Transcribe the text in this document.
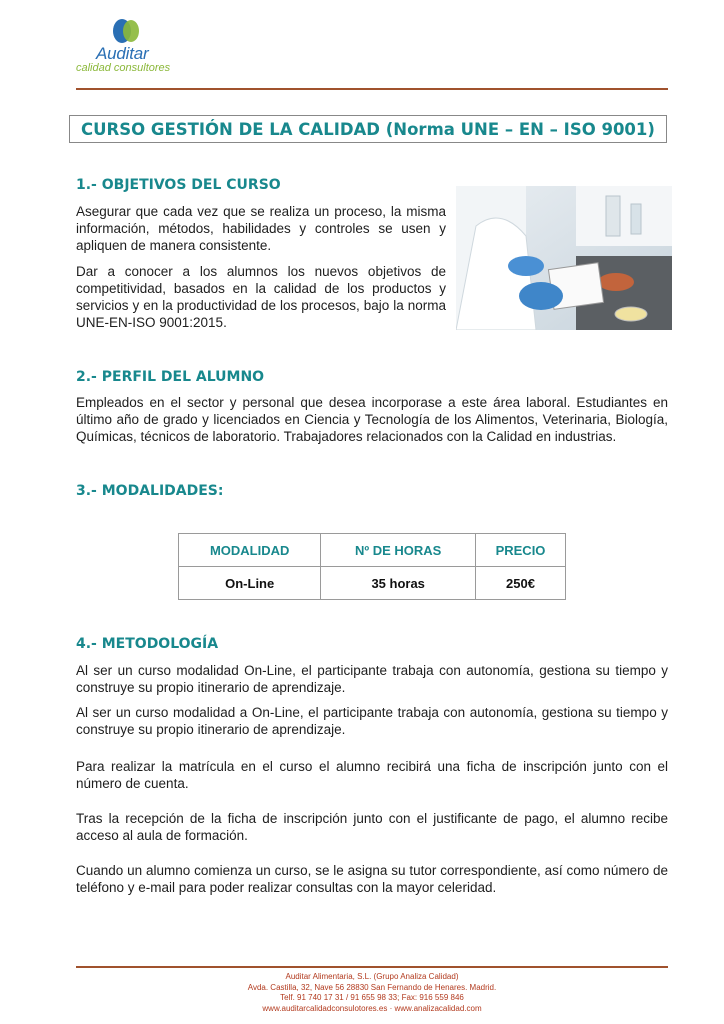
Auditar
calidad consultores
CURSO GESTIÓN DE LA CALIDAD (Norma UNE – EN – ISO 9001)
1.- OBJETIVOS DEL CURSO
Asegurar que cada vez que se realiza un proceso, la misma información, métodos, habilidades y controles se usen y apliquen de manera consistente.
Dar a conocer a los alumnos los nuevos objetivos de competitividad, basados en la calidad de los productos y servicios y en la productividad de los procesos, bajo la norma UNE-EN-ISO 9001:2015.
2.- PERFIL DEL ALUMNO
Empleados en el sector y personal que desea incorporase a este área laboral. Estudiantes en último año de grado y licenciados en Ciencia y Tecnología de los Alimentos, Veterinaria, Biología, Químicas, técnicos de laboratorio. Trabajadores relacionados con la Calidad en industrias.
3.- MODALIDADES:
MODALIDAD	Nº DE HORAS	PRECIO
On-Line	35 horas	250€
4.- METODOLOGÍA
Al ser un curso modalidad On-Line, el participante trabaja con autonomía, gestiona su tiempo y construye su propio itinerario de aprendizaje.
Al ser un curso modalidad a On-Line, el participante trabaja con autonomía, gestiona su tiempo y construye su propio itinerario de aprendizaje.
Para realizar la matrícula en el curso el alumno recibirá una ficha de inscripción junto con el número de cuenta.
Tras la recepción de la ficha de inscripción junto con el justificante de pago, el alumno recibe acceso al aula de formación.
Cuando un alumno comienza un curso, se le asigna su tutor correspondiente, así como número de teléfono y e-mail para poder realizar consultas con la mayor celeridad.
Auditar Alimentaria, S.L. (Grupo Analiza Calidad)
Avda. Castilla, 32, Nave 56 28830 San Fernando de Henares. Madrid.
Telf. 91 740 17 31 / 91 655 98 33; Fax: 916 559 846
www.auditarcalidadconsulotores.es · www.analizacalidad.com
